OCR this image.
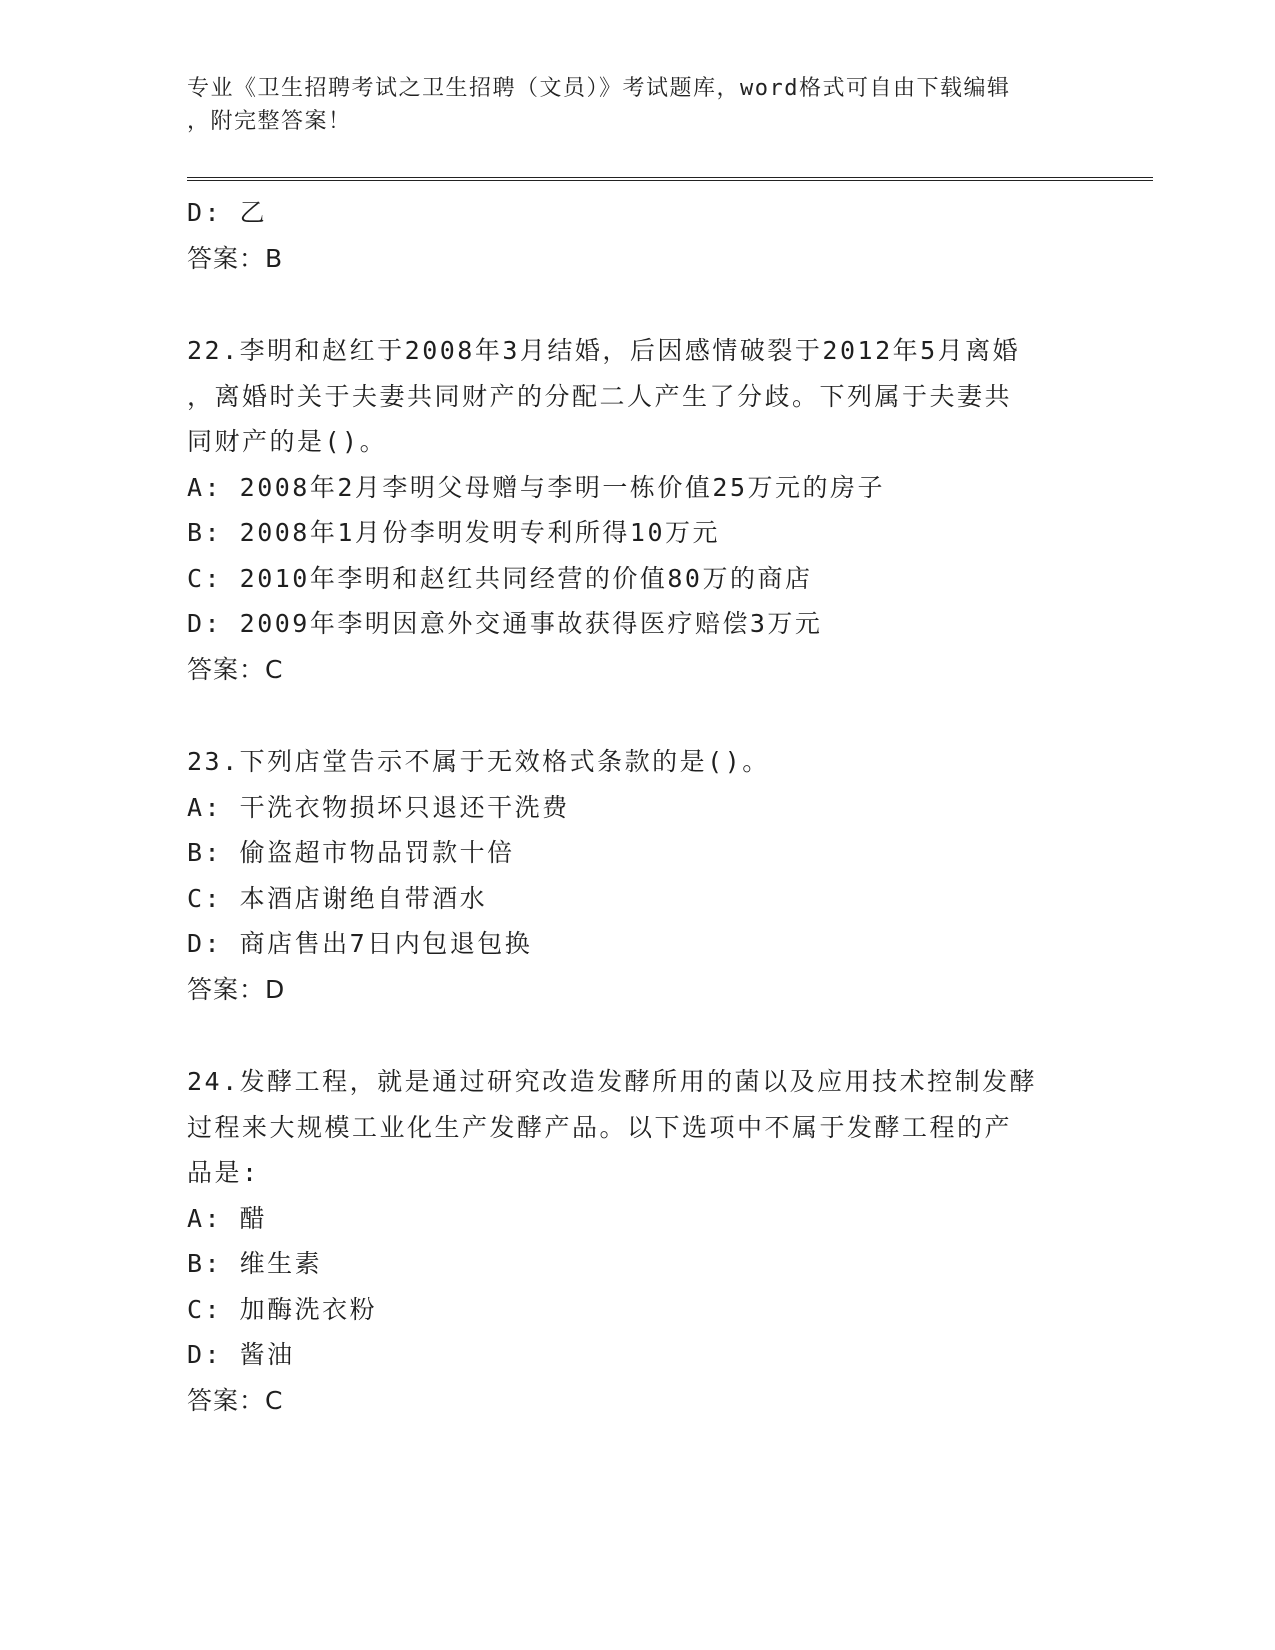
专业《卫生招聘考试之卫生招聘（文员）》考试题库，word格式可自由下载编辑
，附完整答案！
D: 乙
答案：B
22.李明和赵红于2008年3月结婚，后因感情破裂于2012年5月离婚
，离婚时关于夫妻共同财产的分配二人产生了分歧。下列属于夫妻共
同财产的是()。
A: 2008年2月李明父母赠与李明一栋价值25万元的房子
B: 2008年1月份李明发明专利所得10万元
C: 2010年李明和赵红共同经营的价值80万的商店
D: 2009年李明因意外交通事故获得医疗赔偿3万元
答案：C
23.下列店堂告示不属于无效格式条款的是()。
A: 干洗衣物损坏只退还干洗费
B: 偷盗超市物品罚款十倍
C: 本酒店谢绝自带酒水
D: 商店售出7日内包退包换
答案：D
24.发酵工程，就是通过研究改造发酵所用的菌以及应用技术控制发酵
过程来大规模工业化生产发酵产品。以下选项中不属于发酵工程的产
品是:
A: 醋
B: 维生素
C: 加酶洗衣粉
D: 酱油
答案：C
